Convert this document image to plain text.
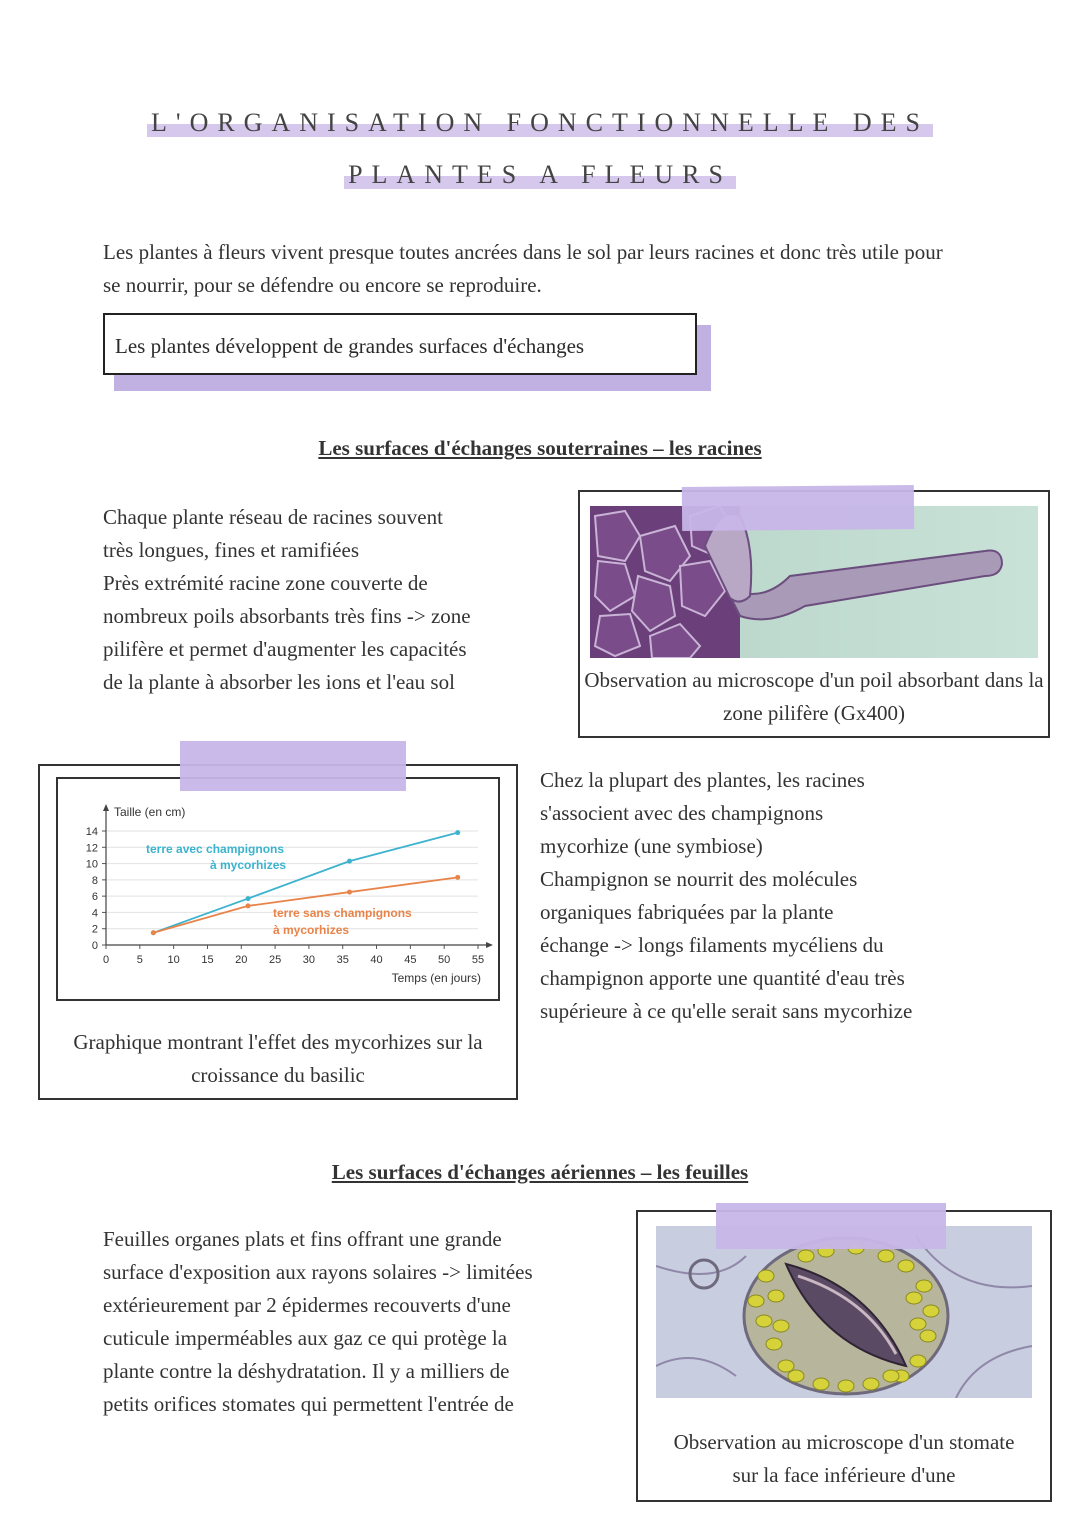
L'ORGANISATION FONCTIONNELLE DES
PLANTES A FLEURS

Les plantes à fleurs vivent presque toutes ancrées dans le sol par leurs racines et donc très utile pour se nourrir, pour se défendre ou encore se reproduire.

Les plantes développent de grandes surfaces d'échanges
Les surfaces d'échanges souterraines – les racines

Chaque plante réseau de racines souvent

très longues, fines et ramifiées

Près extrémité racine zone couverte de

nombreux poils absorbants très fins -> zone

pilifère et permet d'augmenter les capacités

de la plante à absorber les ions et l'eau sol	Observation au microscope d'un poil absorbant dans la zone pilifère (Gx400)
0
2
4
6
8
10
12
14
0	5 10 15 20 25 30 35 40 45 50 55
Taille (en cm)
Temps (en jours)
terre avec champignons
à mycorhizes
terre sans champignons
à mycorhizes
Graphique montrant l'effet des mycorhizes sur la croissance du basilic

Chez la plupart des plantes, les racines

s'associent avec des champignons

mycorhize (une symbiose)

Champignon se nourrit des molécules

organiques fabriquées par la plante

échange -> longs filaments mycéliens du

champignon apporte une quantité d'eau très

supérieure à ce qu'elle serait sans mycorhize

Les surfaces d'échanges aériennes – les feuilles

Feuilles organes plats et fins offrant une grande

surface d'exposition aux rayons solaires -> limitées

extérieurement par 2 épidermes recouverts d'une

cuticule imperméables aux gaz ce qui protège la

plante contre la déshydratation. Il y a milliers de

petits orifices stomates qui permettent l'entrée de

Observation au microscope d'un stomate sur la face inférieure d'une
